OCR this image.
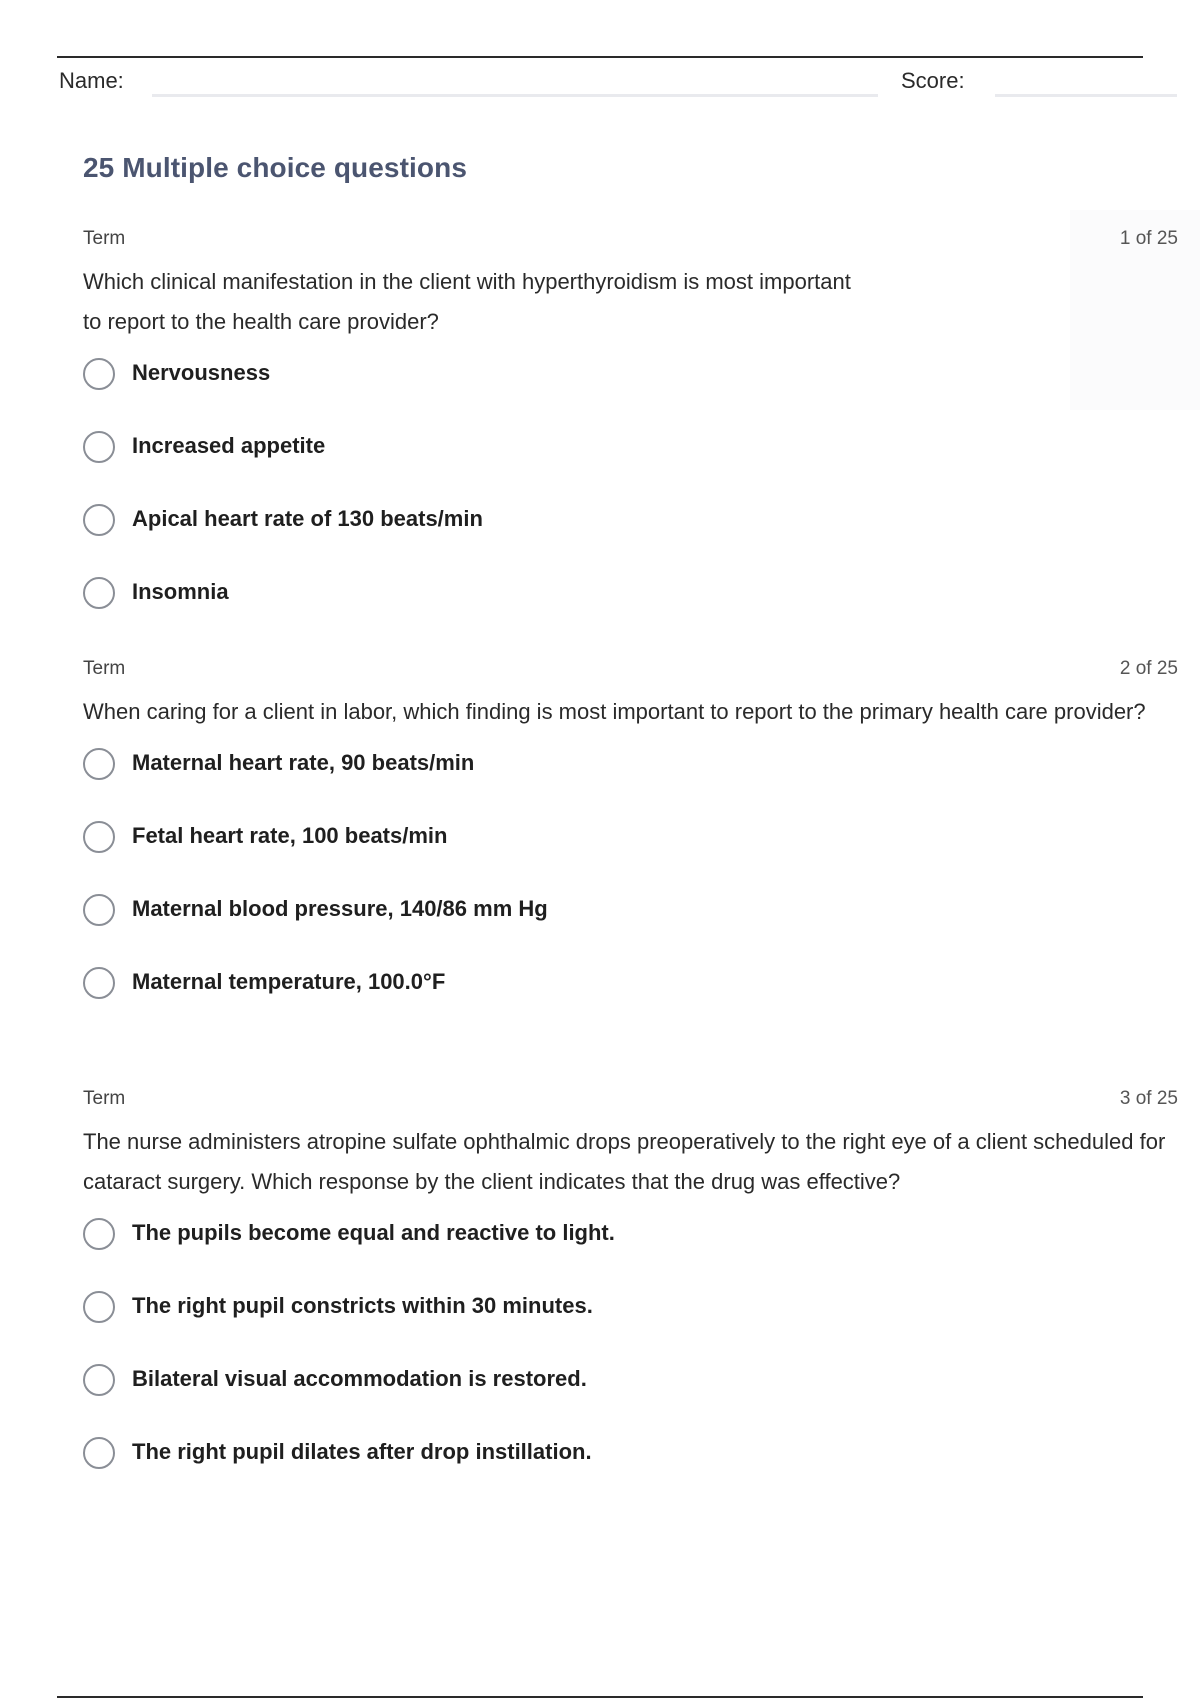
Name:	Score:
25 Multiple choice questions
Term	1 of 25
Which clinical manifestation in the client with hyperthyroidism is most important to report to the health care provider?
Nervousness
Increased appetite
Apical heart rate of 130 beats/min
Insomnia
Term	2 of 25
When caring for a client in labor, which finding is most important to report to the primary health care provider?
Maternal heart rate, 90 beats/min
Fetal heart rate, 100 beats/min
Maternal blood pressure, 140/86 mm Hg
Maternal temperature, 100.0°F
Term	3 of 25
The nurse administers atropine sulfate ophthalmic drops preoperatively to the right eye of a client scheduled for cataract surgery. Which response by the client indicates that the drug was effective?
The pupils become equal and reactive to light.
The right pupil constricts within 30 minutes.
Bilateral visual accommodation is restored.
The right pupil dilates after drop instillation.
